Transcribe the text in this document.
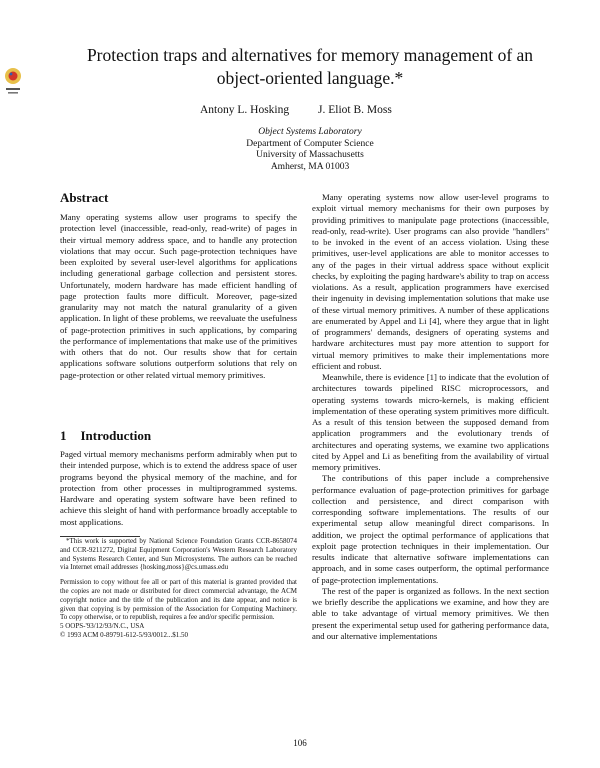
Protection traps and alternatives for memory management of an
object-oriented language.*
Antony L. Hosking	J. Eliot B. Moss
Object Systems Laboratory
Department of Computer Science
University of Massachusetts
Amherst, MA 01003
Abstract

Many operating systems allow user programs to specify the protection level (inaccessible, read-only, read-write) of pages in their virtual memory address space, and to handle any protection violations that may occur. Such page-protection techniques have been exploited by several user-level algorithms for applications including generational garbage collection and persistent stores. Unfortunately, modern hardware has made efficient handling of page protection faults more difficult. Moreover, page-sized granularity may not match the natural granularity of a given application. In light of these problems, we reevaluate the usefulness of page-protection primitives in such applications, by comparing the performance of implementations that make use of the primitives with others that do not. Our results show that for certain applications software solutions outperform solutions that rely on page-protection or other related virtual memory primitives.

1 Introduction

Paged virtual memory mechanisms perform admirably when put to their intended purpose, which is to extend the address space of user programs beyond the physical memory of the machine, and for protection from other processes in multiprogrammed systems. Hardware and operating system software have been refined to achieve this sleight of hand with performance broadly acceptable to most applications.

*This work is supported by National Science Foundation Grants CCR-8658074 and CCR-9211272, Digital Equipment Corporation's Western Research Laboratory and Systems Research Center, and Sun Microsystems. The authors can be reached via Internet email addresses {hosking,moss}@cs.umass.edu

Permission to copy without fee all or part of this material is granted provided that the copies are not made or distributed for direct commercial advantage, the ACM copyright notice and the title of the publication and its date appear, and notice is given that copying is by permission of the Association for Computing Machinery. To copy otherwise, or to republish, requires a fee and/or specific permission.

5 OOPS-'93/12/93/N.C., USA

© 1993 ACM 0-89791-612-5/93/0012...$1.50

Many operating systems now allow user-level programs to exploit virtual memory mechanisms for their own purposes by providing primitives to manipulate page protections (inaccessible, read-only, read-write). User programs can also provide "handlers" to be invoked in the event of an access violation. Using these primitives, user-level applications are able to monitor accesses to any of the pages in their virtual address space without explicit checks, by exploiting the paging hardware's ability to trap on access violations. As a result, application programmers have exercised their ingenuity in devising implementation solutions that make use of these virtual memory primitives. A number of these applications are enumerated by Appel and Li [4], where they argue that in light of programmers' demands, designers of operating systems and hardware architectures must pay more attention to support for virtual memory primitives to make their implementations more efficient and robust.

Meanwhile, there is evidence [1] to indicate that the evolution of architectures towards pipelined RISC microprocessors, and operating systems towards micro-kernels, is making efficient implementation of these operating system primitives more difficult. As a result of this tension between the supposed demand from application programmers and the evolutionary trends of architectures and operating systems, we examine two applications cited by Appel and Li as benefiting from the availability of virtual memory primitives.

The contributions of this paper include a comprehensive performance evaluation of page-protection primitives for garbage collection and persistence, and direct comparison with corresponding software implementations. The results of our experimental setup allow meaningful direct comparisons. In addition, we project the optimal performance of applications that exploit page protection techniques in their implementation. Our results indicate that alternative software implementations can approach, and in some cases outperform, the optimal performance of page-protection implementations.

The rest of the paper is organized as follows. In the next section we briefly describe the applications we examine, and how they are able to take advantage of virtual memory primitives. We then present the experimental setup used for gathering performance data, and our alternative implementations

106
